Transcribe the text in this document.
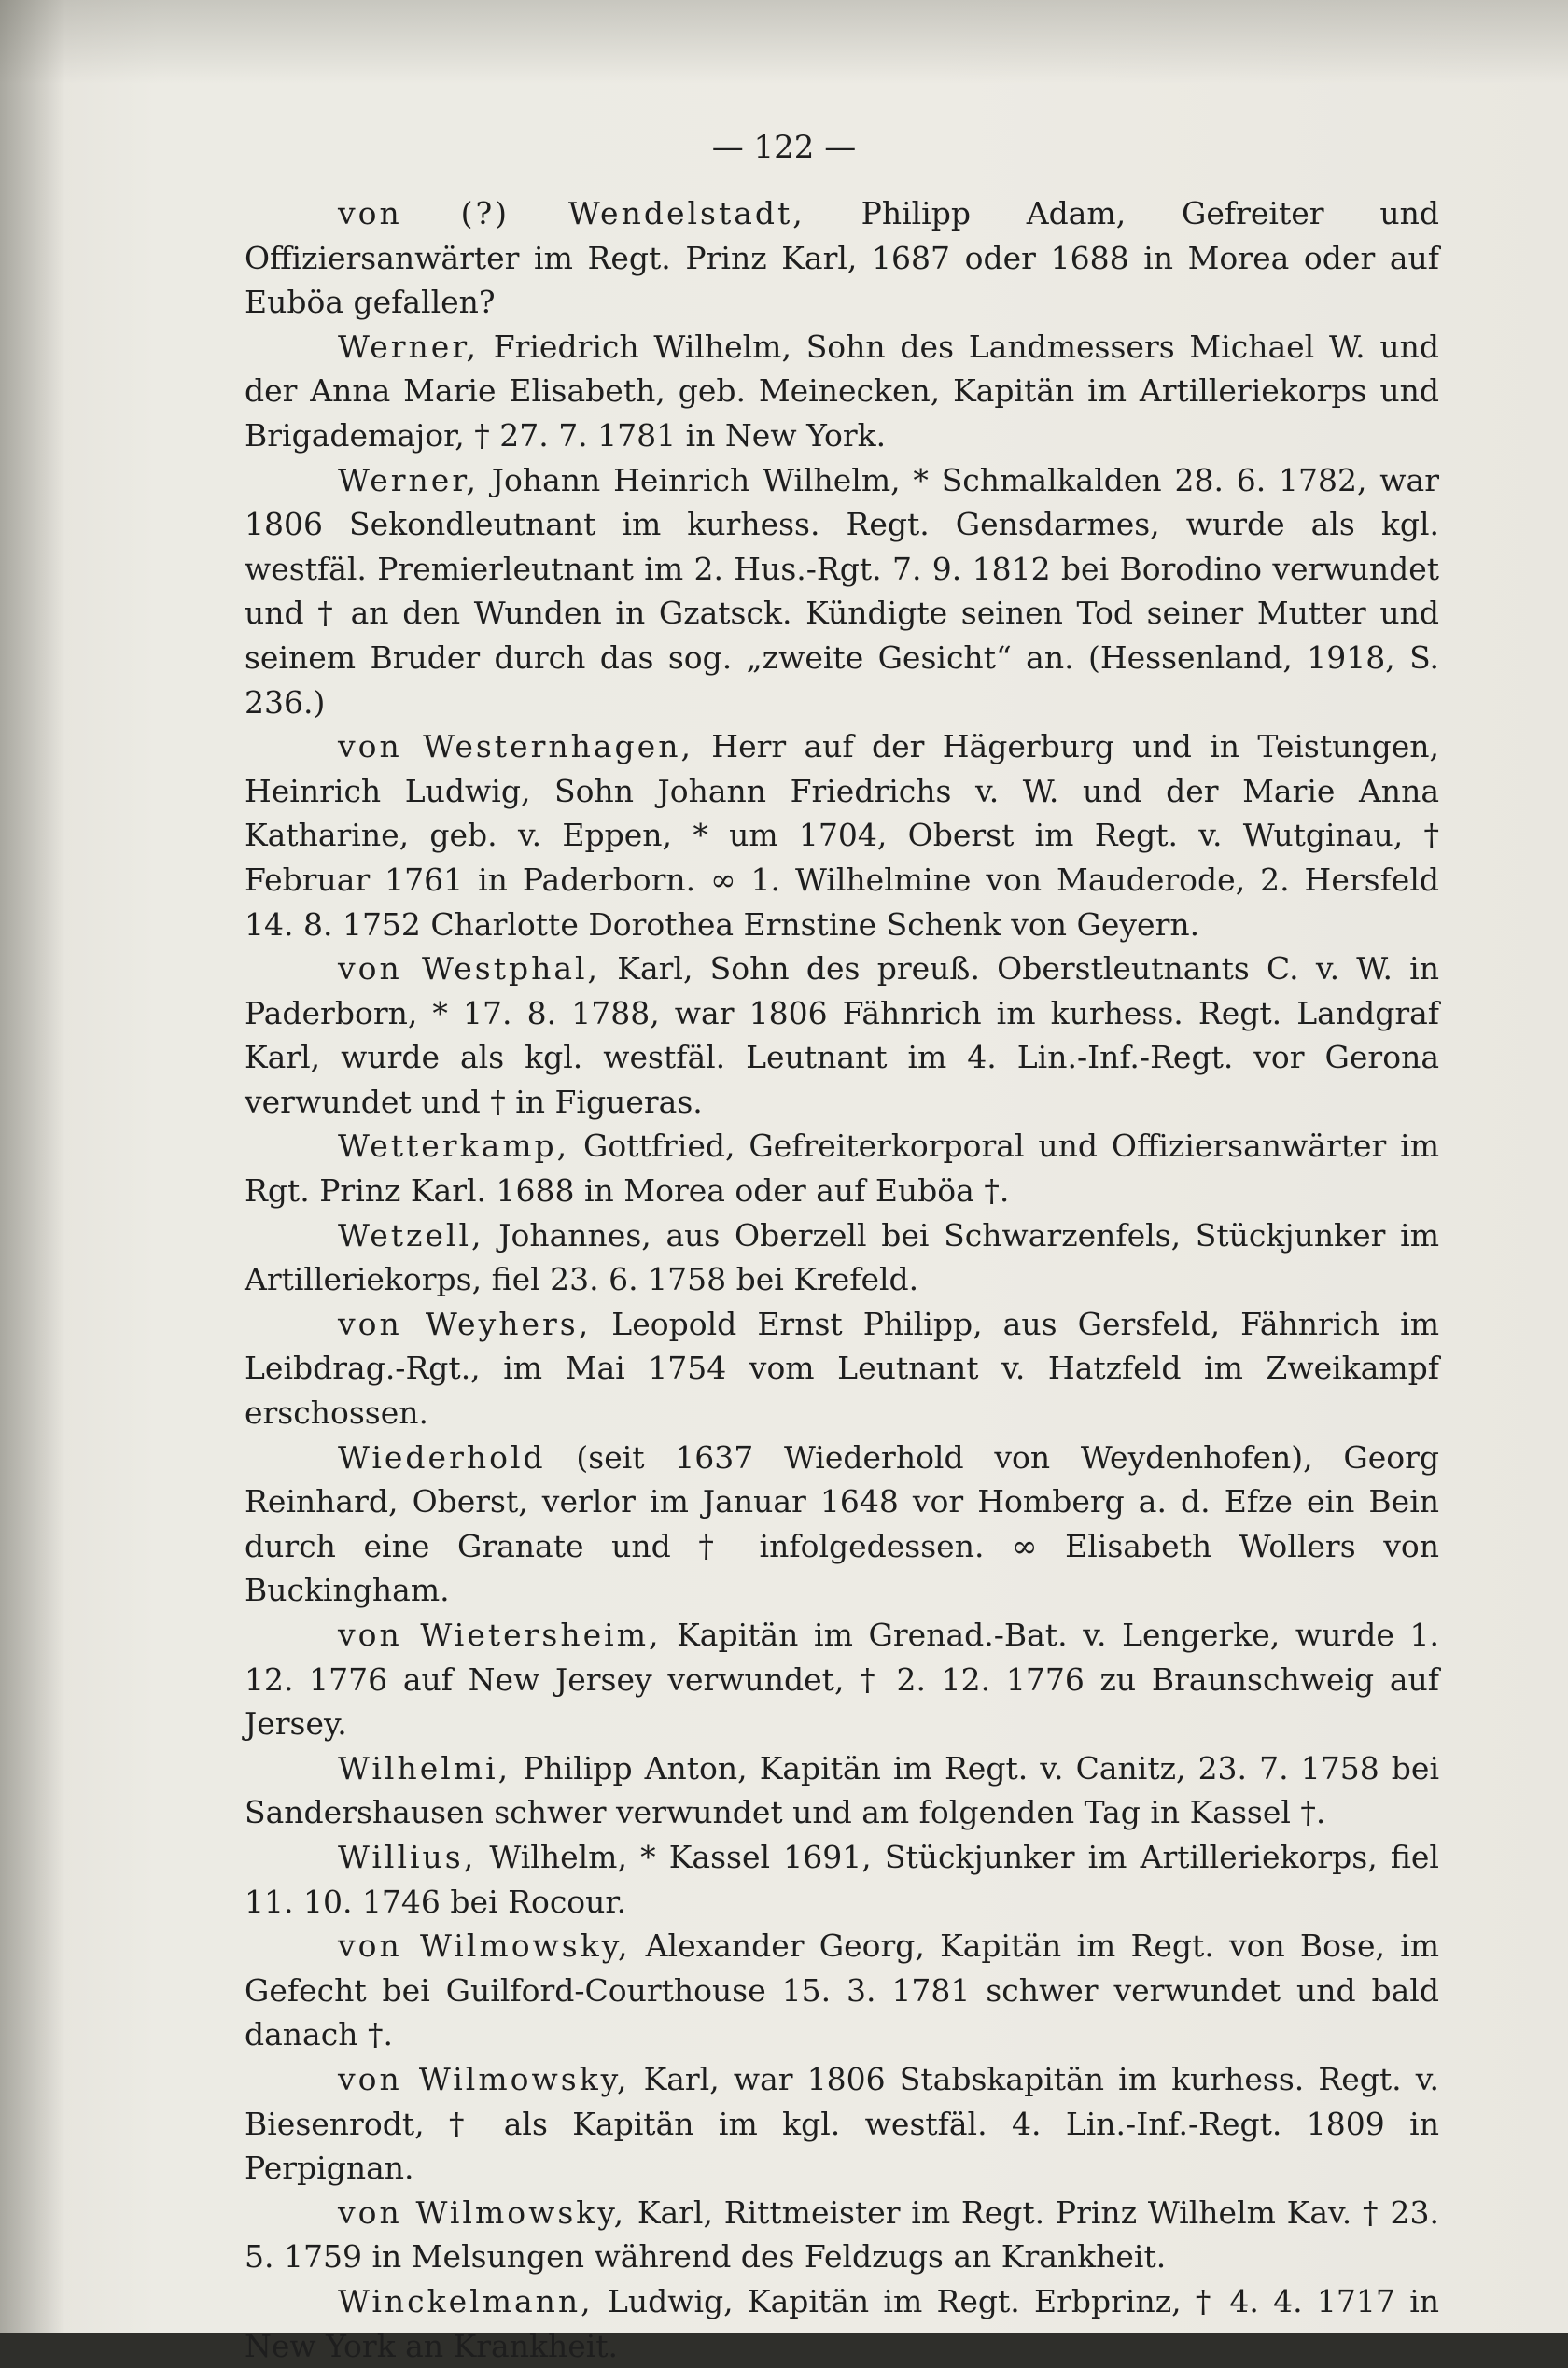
— 122 —

von (?) Wendelstadt, Philipp Adam, Gefreiter und Offiziersanwärter im Regt. Prinz Karl, 1687 oder 1688 in Morea oder auf Euböa gefallen?

Werner, Friedrich Wilhelm, Sohn des Landmessers Michael W. und der Anna Marie Elisabeth, geb. Meinecken, Kapitän im Artilleriekorps und Brigademajor, † 27. 7. 1781 in New York.

Werner, Johann Heinrich Wilhelm, * Schmalkalden 28. 6. 1782, war 1806 Sekondleutnant im kurhess. Regt. Gensdarmes, wurde als kgl. westfäl. Premierleutnant im 2. Hus.-Rgt. 7. 9. 1812 bei Borodino verwundet und † an den Wunden in Gzatsck. Kündigte seinen Tod seiner Mutter und seinem Bruder durch das sog. „zweite Gesicht“ an. (Hessenland, 1918, S. 236.)

von Westernhagen, Herr auf der Hägerburg und in Teistungen, Heinrich Ludwig, Sohn Johann Friedrichs v. W. und der Marie Anna Katharine, geb. v. Eppen, * um 1704, Oberst im Regt. v. Wutginau, † Februar 1761 in Paderborn. ∞ 1. Wilhelmine von Mauderode, 2. Hersfeld 14. 8. 1752 Charlotte Dorothea Ernstine Schenk von Geyern.

von Westphal, Karl, Sohn des preuß. Oberstleutnants C. v. W. in Paderborn, * 17. 8. 1788, war 1806 Fähnrich im kurhess. Regt. Landgraf Karl, wurde als kgl. westfäl. Leutnant im 4. Lin.-Inf.-Regt. vor Gerona verwundet und † in Figueras.

Wetterkamp, Gottfried, Gefreiterkorporal und Offiziersanwärter im Rgt. Prinz Karl. 1688 in Morea oder auf Euböa †.

Wetzell, Johannes, aus Oberzell bei Schwarzenfels, Stückjunker im Artilleriekorps, fiel 23. 6. 1758 bei Krefeld.

von Weyhers, Leopold Ernst Philipp, aus Gersfeld, Fähnrich im Leibdrag.-Rgt., im Mai 1754 vom Leutnant v. Hatzfeld im Zweikampf erschossen.

Wiederhold (seit 1637 Wiederhold von Weydenhofen), Georg Reinhard, Oberst, verlor im Januar 1648 vor Homberg a. d. Efze ein Bein durch eine Granate und † infolgedessen. ∞ Elisabeth Wollers von Buckingham.

von Wietersheim, Kapitän im Grenad.-Bat. v. Lengerke, wurde 1. 12. 1776 auf New Jersey verwundet, † 2. 12. 1776 zu Braunschweig auf Jersey.

Wilhelmi, Philipp Anton, Kapitän im Regt. v. Canitz, 23. 7. 1758 bei Sandershausen schwer verwundet und am folgenden Tag in Kassel †.

Willius, Wilhelm, * Kassel 1691, Stückjunker im Artilleriekorps, fiel 11. 10. 1746 bei Rocour.

von Wilmowsky, Alexander Georg, Kapitän im Regt. von Bose, im Gefecht bei Guilford-Courthouse 15. 3. 1781 schwer verwundet und bald danach †.

von Wilmowsky, Karl, war 1806 Stabskapitän im kurhess. Regt. v. Biesenrodt, † als Kapitän im kgl. westfäl. 4. Lin.-Inf.-Regt. 1809 in Perpignan.

von Wilmowsky, Karl, Rittmeister im Regt. Prinz Wilhelm Kav. † 23. 5. 1759 in Melsungen während des Feldzugs an Krankheit.

Winckelmann, Ludwig, Kapitän im Regt. Erbprinz, † 4. 4. 1717 in New York an Krankheit.
